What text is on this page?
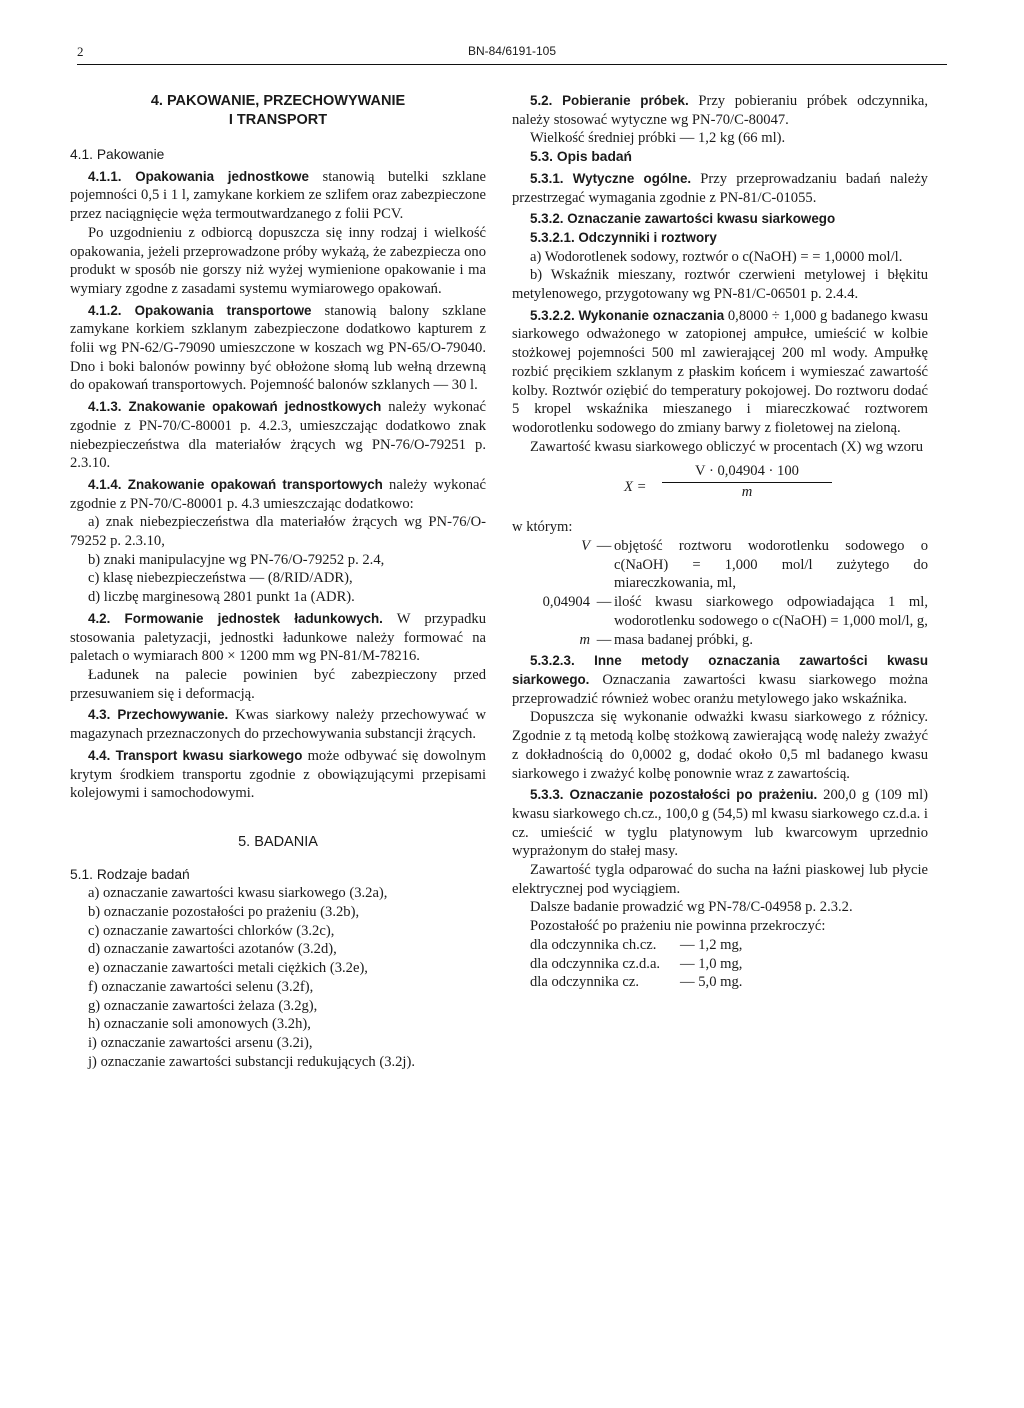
2	BN-84/6191-105
4. PAKOWANIE, PRZECHOWYWANIE
I TRANSPORT

4.1. Pakowanie

4.1.1. Opakowania jednostkowe stanowią butelki szklane pojemności 0,5 i 1 l, zamykane korkiem ze szlifem oraz zabezpieczone przez naciągnięcie węża termoutwardzanego z folii PCV.

Po uzgodnieniu z odbiorcą dopuszcza się inny rodzaj i wielkość opakowania, jeżeli przeprowadzone próby wykażą, że zabezpiecza ono produkt w sposób nie gorszy niż wyżej wymienione opakowanie i ma wymiary zgodne z zasadami systemu wymiarowego opakowań.

4.1.2. Opakowania transportowe stanowią balony szklane zamykane korkiem szklanym zabezpieczone dodatkowo kapturem z folii wg PN-62/G-79090 umieszczone w koszach wg PN-65/O-79040. Dno i boki balonów powinny być obłożone słomą lub wełną drzewną do opakowań transportowych. Pojemność balonów szklanych — 30 l.

4.1.3. Znakowanie opakowań jednostkowych należy wykonać zgodnie z PN-70/C-80001 p. 4.2.3, umieszczając dodatkowo znak niebezpieczeństwa dla materiałów żrących wg PN-76/O-79251 p. 2.3.10.

4.1.4. Znakowanie opakowań transportowych należy wykonać zgodnie z PN-70/C-80001 p. 4.3 umieszczając dodatkowo:

a) znak niebezpieczeństwa dla materiałów żrących wg PN-76/O-79252 p. 2.3.10,

b) znaki manipulacyjne wg PN-76/O-79252 p. 2.4,

c) klasę niebezpieczeństwa — (8/RID/ADR),

d) liczbę marginesową 2801 punkt 1a (ADR).

4.2. Formowanie jednostek ładunkowych. W przypadku stosowania paletyzacji, jednostki ładunkowe należy formować na paletach o wymiarach 800 × 1200 mm wg PN-81/M-78216.

Ładunek na palecie powinien być zabezpieczony przed przesuwaniem się i deformacją.

4.3. Przechowywanie. Kwas siarkowy należy przechowywać w magazynach przeznaczonych do przechowywania substancji żrących.

4.4. Transport kwasu siarkowego może odbywać się dowolnym krytym środkiem transportu zgodnie z obowiązującymi przepisami kolejowymi i samochodowymi.

5. BADANIA

5.1. Rodzaje badań

a) oznaczanie zawartości kwasu siarkowego (3.2a),

b) oznaczanie pozostałości po prażeniu (3.2b),

c) oznaczanie zawartości chlorków (3.2c),

d) oznaczanie zawartości azotanów (3.2d),

e) oznaczanie zawartości metali ciężkich (3.2e),

f) oznaczanie zawartości selenu (3.2f),

g) oznaczanie zawartości żelaza (3.2g),

h) oznaczanie soli amonowych (3.2h),

i) oznaczanie zawartości arsenu (3.2i),

j) oznaczanie zawartości substancji redukujących (3.2j).

5.2. Pobieranie próbek. Przy pobieraniu próbek odczynnika, należy stosować wytyczne wg PN-70/C-80047.

Wielkość średniej próbki — 1,2 kg (66 ml).

5.3. Opis badań

5.3.1. Wytyczne ogólne. Przy przeprowadzaniu badań należy przestrzegać wymagania zgodnie z PN-81/C-01055.

5.3.2. Oznaczanie zawartości kwasu siarkowego

5.3.2.1. Odczynniki i roztwory

a) Wodorotlenek sodowy, roztwór o c(NaOH) = = 1,0000 mol/l.

b) Wskaźnik mieszany, roztwór czerwieni metylowej i błękitu metylenowego, przygotowany wg PN-81/C-06501 p. 2.4.4.

5.3.2.2. Wykonanie oznaczania 0,8000 ÷ 1,000 g badanego kwasu siarkowego odważonego w zatopionej ampułce, umieścić w kolbie stożkowej pojemności 500 ml zawierającej 200 ml wody. Ampułkę rozbić pręcikiem szklanym z płaskim końcem i wymieszać zawartość kolby. Roztwór oziębić do temperatury pokojowej. Do roztworu dodać 5 kropel wskaźnika mieszanego i miareczkować roztworem wodorotlenku sodowego do zmiany barwy z fioletowej na zieloną.

Zawartość kwasu siarkowego obliczyć w procentach (X) wg wzoru

$X = \frac{V \cdot 0,04904 \cdot 100}{m}$

w którym:

V — objętość roztworu wodorotlenku sodowego o c(NaOH) = 1,000 mol/l zużytego do miareczkowania, ml,
0,04904 — ilość kwasu siarkowego odpowiadająca 1 ml, wodorotlenku sodowego o c(NaOH) = 1,000 mol/l, g,
m — masa badanej próbki, g.

5.3.2.3. Inne metody oznaczania zawartości kwasu siarkowego. Oznaczania zawartości kwasu siarkowego można przeprowadzić również wobec oranżu metylowego jako wskaźnika.

Dopuszcza się wykonanie odważki kwasu siarkowego z różnicy. Zgodnie z tą metodą kolbę stożkową zawierającą wodę należy zważyć z dokładnością do 0,0002 g, dodać około 0,5 ml badanego kwasu siarkowego i zważyć kolbę ponownie wraz z zawartością.

5.3.3. Oznaczanie pozostałości po prażeniu. 200,0 g (109 ml) kwasu siarkowego ch.cz., 100,0 g (54,5) ml kwasu siarkowego cz.d.a. i cz. umieścić w tyglu platynowym lub kwarcowym uprzednio wyprażonym do stałej masy.

Zawartość tygla odparować do sucha na łaźni piaskowej lub płycie elektrycznej pod wyciągiem.

Dalsze badanie prowadzić wg PN-78/C-04958 p. 2.3.2.

Pozostałość po prażeniu nie powinna przekroczyć:

dla odczynnika ch.cz.	— 1,2 mg,
dla odczynnika cz.d.a.	— 1,0 mg,
dla odczynnika cz.	— 5,0 mg.
